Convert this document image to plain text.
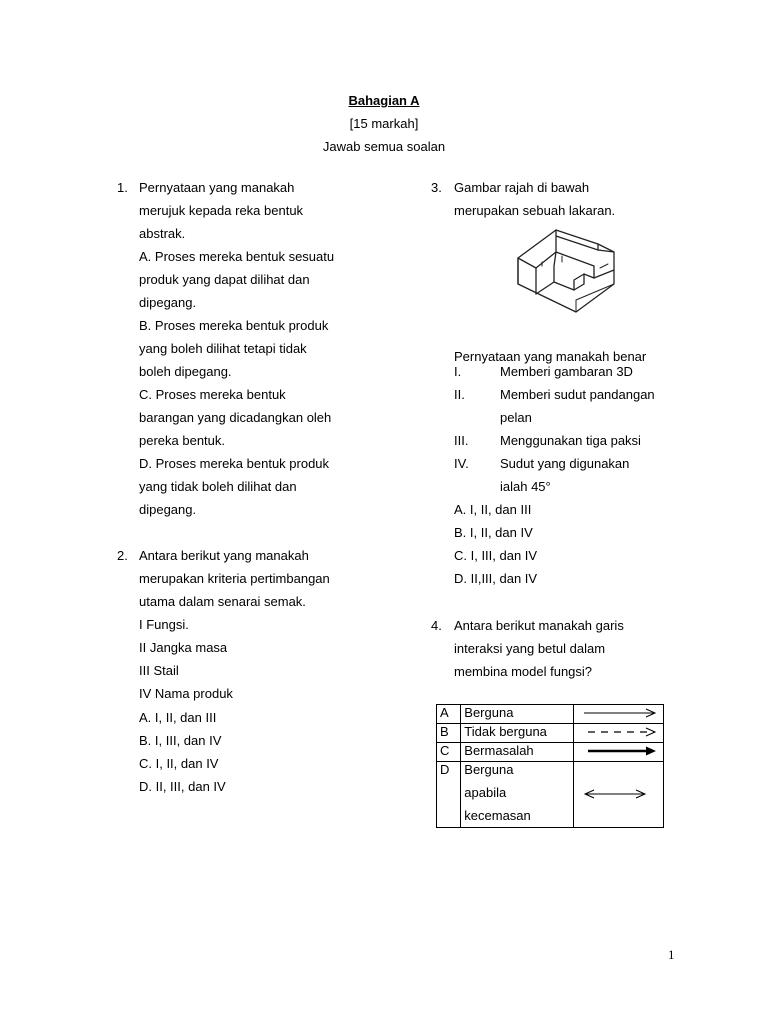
Bahagian A
[15 markah]
Jawab semua soalan
1. Pernyataan yang manakah
merujuk kepada reka bentuk
abstrak.
A. Proses mereka bentuk sesuatu
produk yang dapat dilihat dan
dipegang.
B. Proses mereka bentuk produk
yang boleh dilihat tetapi tidak
boleh dipegang.
C. Proses mereka bentuk
barangan yang dicadangkan oleh
pereka bentuk.
D. Proses mereka bentuk produk
yang tidak boleh dilihat dan
dipegang.
2. Antara berikut yang manakah
merupakan kriteria pertimbangan
utama dalam senarai semak.
I Fungsi.
II Jangka masa
III Stail
IV Nama produk
A. I, II, dan III
B. I, III, dan IV
C. I, II, dan IV
D. II, III, dan IV
3. Gambar rajah di bawah
merupakan sebuah lakaran.
Pernyataan yang manakah benar
I.	Memberi gambaran 3D
II.	Memberi sudut pandangan
pelan
III. Menggunakan tiga paksi
IV. Sudut yang digunakan
ialah 45°
A. I, II, dan III
B. I, II, dan IV
C. I, III, dan IV
D. II,III, dan IV
4. Antara berikut manakah garis
interaksi yang betul dalam
membina model fungsi?
A	Berguna	
B	Tidak berguna	
C	Bermasalah	
D	Berguna
apabila
kecemasan

1
